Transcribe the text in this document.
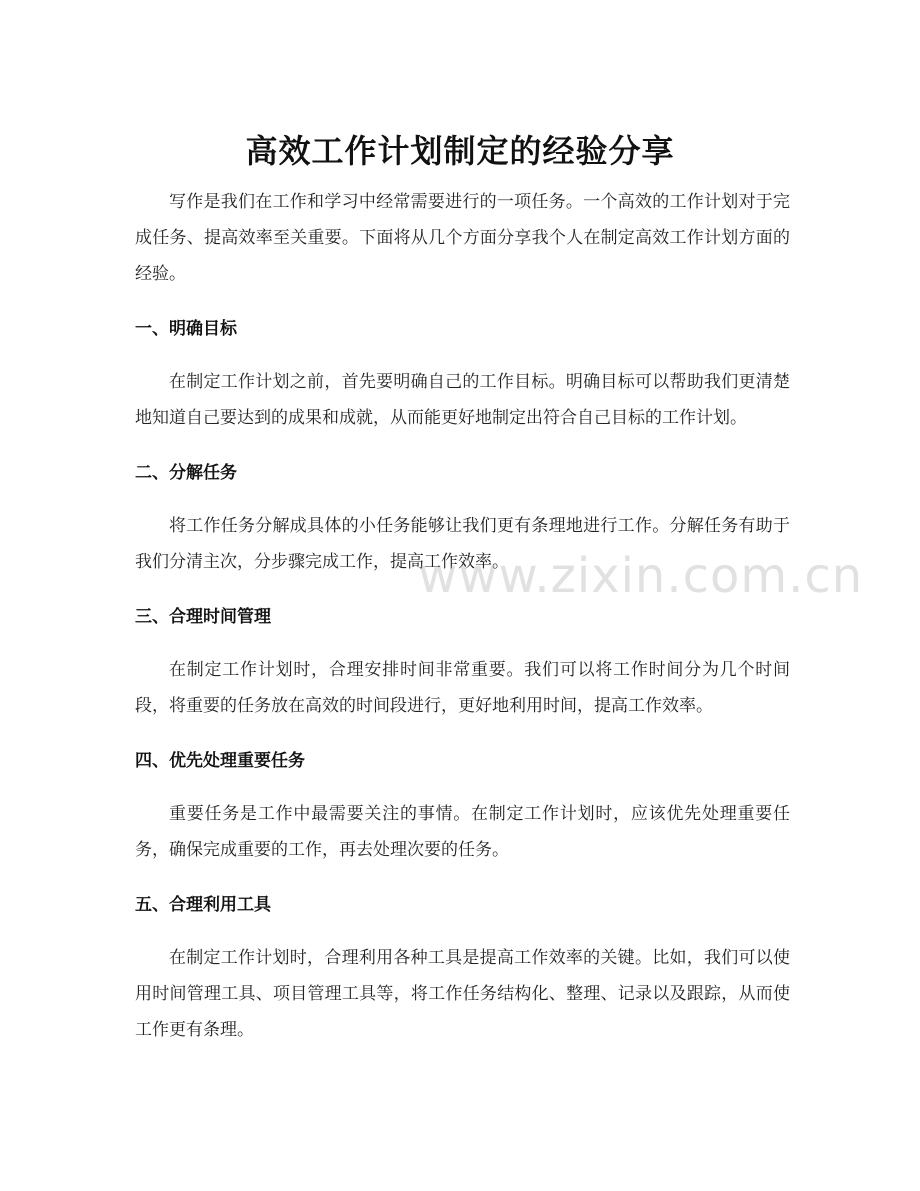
高效工作计划制定的经验分享

写作是我们在工作和学习中经常需要进行的一项任务。一个高效的工作计划对于完成任务、提高效率至关重要。下面将从几个方面分享我个人在制定高效工作计划方面的经验。

一、明确目标

在制定工作计划之前，首先要明确自己的工作目标。明确目标可以帮助我们更清楚地知道自己要达到的成果和成就，从而能更好地制定出符合自己目标的工作计划。

二、分解任务

将工作任务分解成具体的小任务能够让我们更有条理地进行工作。分解任务有助于我们分清主次，分步骤完成工作，提高工作效率。

三、合理时间管理

在制定工作计划时，合理安排时间非常重要。我们可以将工作时间分为几个时间段，将重要的任务放在高效的时间段进行，更好地利用时间，提高工作效率。

四、优先处理重要任务

重要任务是工作中最需要关注的事情。在制定工作计划时，应该优先处理重要任务，确保完成重要的工作，再去处理次要的任务。

五、合理利用工具

在制定工作计划时，合理利用各种工具是提高工作效率的关键。比如，我们可以使用时间管理工具、项目管理工具等，将工作任务结构化、整理、记录以及跟踪，从而使工作更有条理。

www.zixin.com.cn
